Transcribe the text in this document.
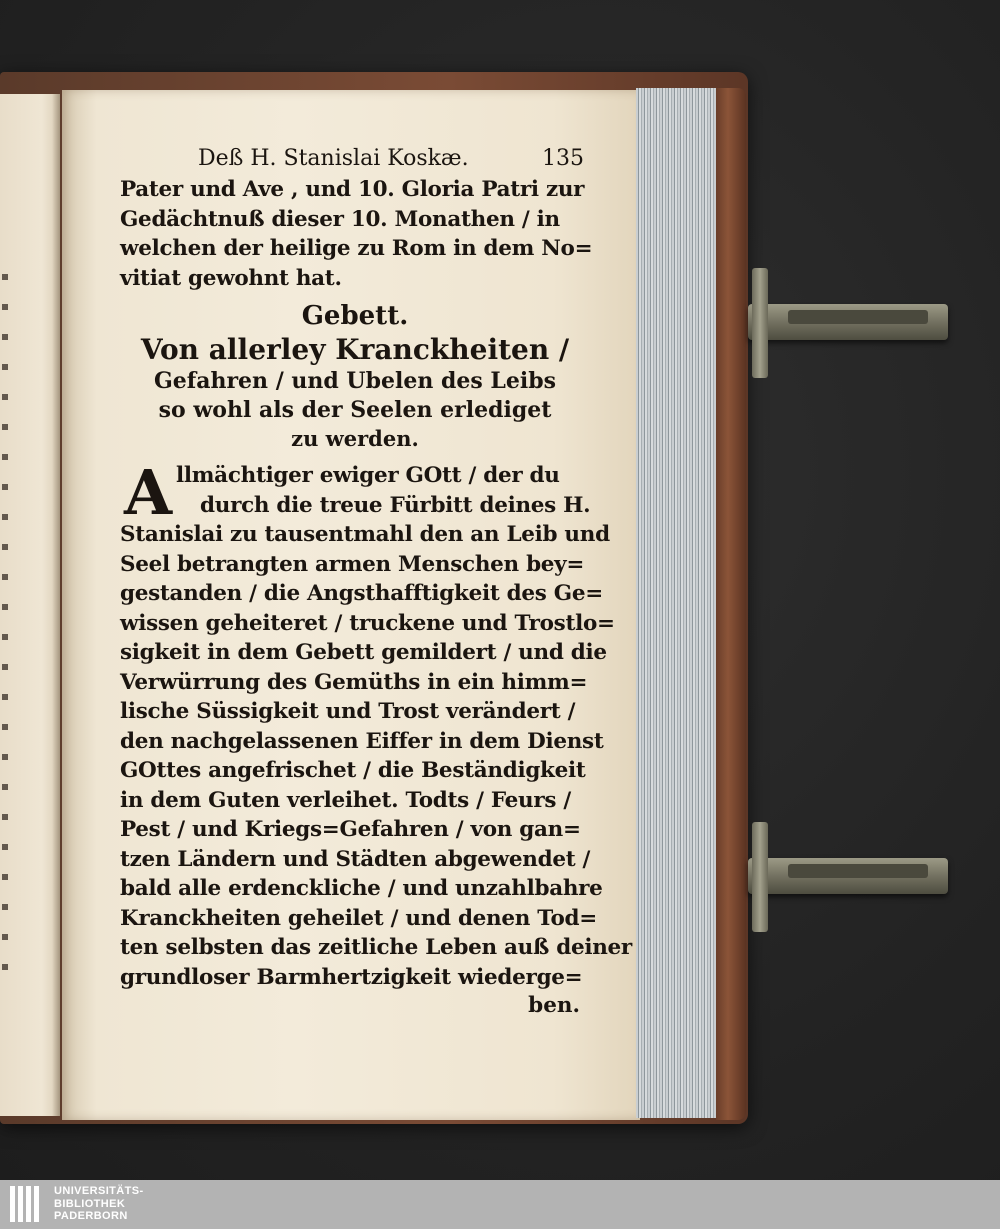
Deß H. Stanislai Koskæ.	135
Pater und Ave , und 10. Gloria Patri zur
Gedächtnuß dieser 10. Monathen / in
welchen der heilige zu Rom in dem No=
vitiat gewohnt hat.
Gebett.
Von allerley Kranckheiten /
Gefahren / und Ubelen des Leibs
so wohl als der Seelen erlediget
zu werden.
A llmächtiger ewiger GOtt / der du
durch die treue Fürbitt deines H.
Stanislai zu tausentmahl den an Leib und
Seel betrangten armen Menschen bey=
gestanden / die Angsthafftigkeit des Ge=
wissen geheiteret / truckene und Trostlo=
sigkeit in dem Gebett gemildert / und die
Verwürrung des Gemüths in ein himm=
lische Süssigkeit und Trost verändert /
den nachgelassenen Eiffer in dem Dienst
GOttes angefrischet / die Beständigkeit
in dem Guten verleihet. Todts / Feurs /
Pest / und Kriegs=Gefahren / von gan=
tzen Ländern und Städten abgewendet /
bald alle erdenckliche / und unzahlbahre
Kranckheiten geheilet / und denen Tod=
ten selbsten das zeitliche Leben auß deiner
grundloser Barmhertzigkeit wiederge=
ben.
UNIVERSITÄTS-
BIBLIOTHEK
PADERBORN
